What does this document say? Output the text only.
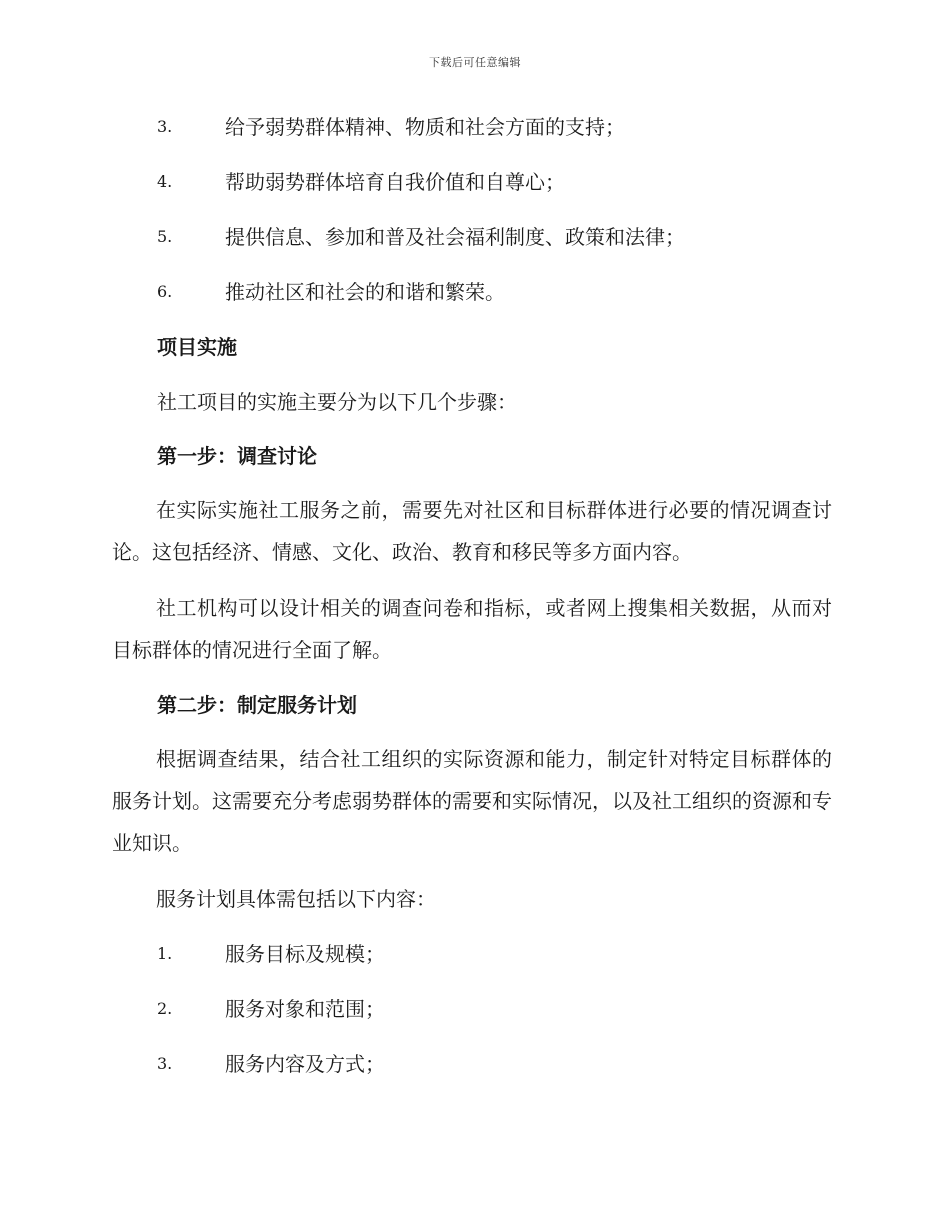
下载后可任意编辑
3.	给予弱势群体精神、物质和社会方面的支持；
4.	帮助弱势群体培育自我价值和自尊心；
5.	提供信息、参加和普及社会福利制度、政策和法律；
6.	推动社区和社会的和谐和繁荣。
项目实施
社工项目的实施主要分为以下几个步骤：
第一步：调查讨论
在实际实施社工服务之前，需要先对社区和目标群体进行必要的情况调查讨论。这包括经济、情感、文化、政治、教育和移民等多方面内容。
社工机构可以设计相关的调查问卷和指标，或者网上搜集相关数据，从而对目标群体的情况进行全面了解。
第二步：制定服务计划
根据调查结果，结合社工组织的实际资源和能力，制定针对特定目标群体的服务计划。这需要充分考虑弱势群体的需要和实际情况，以及社工组织的资源和专业知识。
服务计划具体需包括以下内容：
1.	服务目标及规模；
2.	服务对象和范围；
3.	服务内容及方式；
